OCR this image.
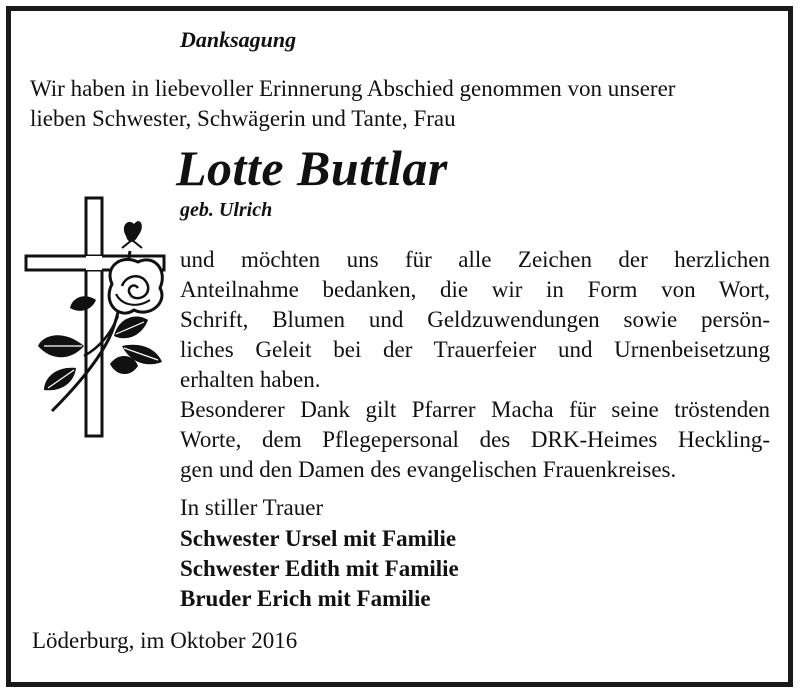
Danksagung

Wir haben in liebevoller Erinnerung Abschied genommen von unserer
lieben Schwester, Schwägerin und Tante, Frau

Lotte Buttlar

geb. Ulrich

und möchten uns für alle Zeichen der herzlichen
Anteilnahme bedanken, die wir in Form von Wort,
Schrift, Blumen und Geldzuwendungen sowie persön-
liches Geleit bei der Trauerfeier und Urnenbeisetzung
erhalten haben.
Besonderer Dank gilt Pfarrer Macha für seine tröstenden
Worte, dem Pflegepersonal des DRK-Heimes Heckling-
gen und den Damen des evangelischen Frauenkreises.

In stiller Trauer

Schwester Ursel mit Familie
Schwester Edith mit Familie
Bruder Erich mit Familie

Löderburg, im Oktober 2016
